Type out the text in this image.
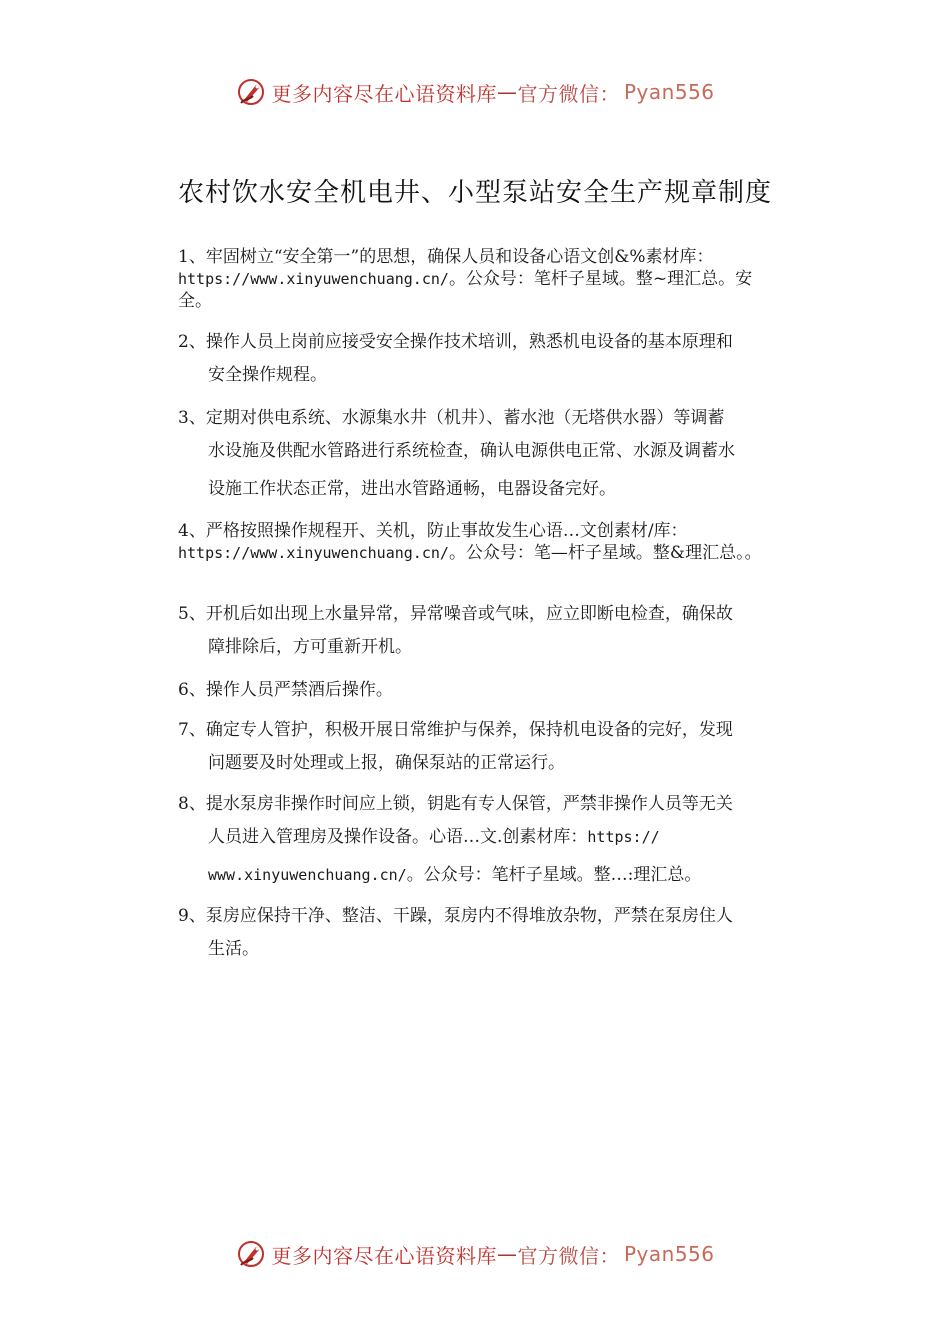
更多内容尽在心语资料库 — 官方微信： Pyan556
农村饮水安全机电井、小型泵站安全生产规章制度
1、牢固树立“安全第一”的思想，确保人员和设备心语文创&%素材库：
https://www.xinyuwenchuang.cn/。公众号：笔杆子星域。整~理汇总。安
全。
2、操作人员上岗前应接受安全操作技术培训，熟悉机电设备的基本原理和
安全操作规程。
3、定期对供电系统、水源集水井（机井）、蓄水池（无塔供水器）等调蓄
水设施及供配水管路进行系统检查，确认电源供电正常、水源及调蓄水
设施工作状态正常，进出水管路通畅，电器设备完好。
4、严格按照操作规程开、关机，防止事故发生心语…文创素材/库：
https://www.xinyuwenchuang.cn/。公众号：笔—杆子星域。整&理汇总。。
5、开机后如出现上水量异常，异常噪音或气味，应立即断电检查，确保故
障排除后，方可重新开机。
6、操作人员严禁酒后操作。
7、确定专人管护，积极开展日常维护与保养，保持机电设备的完好，发现
问题要及时处理或上报，确保泵站的正常运行。
8、提水泵房非操作时间应上锁，钥匙有专人保管，严禁非操作人员等无关
人员进入管理房及操作设备。心语…文.创素材库：https://
www.xinyuwenchuang.cn/。公众号：笔杆子星域。整…:理汇总。
9、泵房应保持干净、整洁、干躁，泵房内不得堆放杂物，严禁在泵房住人
生活。
更多内容尽在心语资料库 — 官方微信： Pyan556
